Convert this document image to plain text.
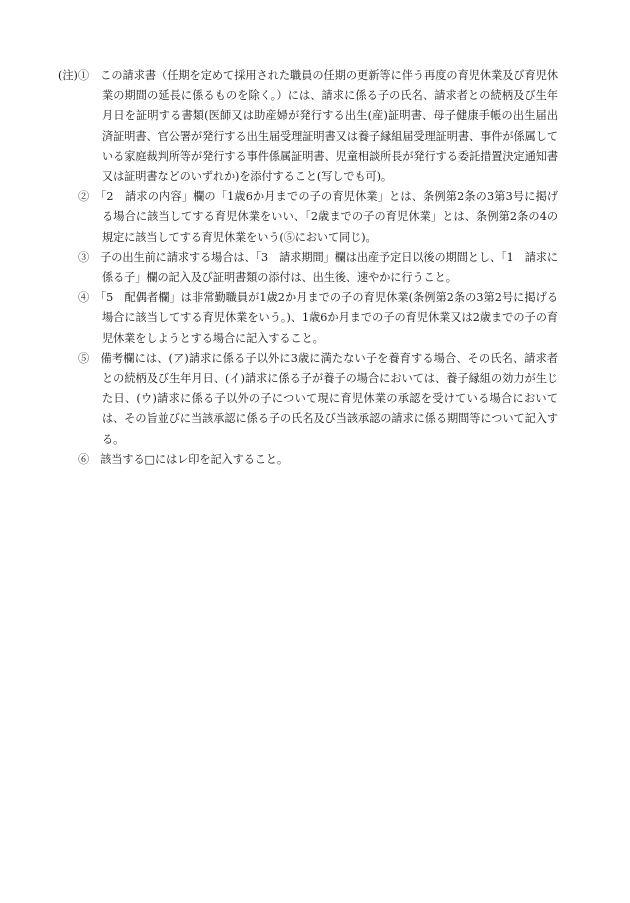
(注)①　この請求書（任期を定めて採用された職員の任期の更新等に伴う再度の育児休業及び育児休業の期間の延長に係るものを除く。）には、請求に係る子の氏名、請求者との続柄及び生年月日を証明する書類(医師又は助産婦が発行する出生(産)証明書、母子健康手帳の出生届出済証明書、官公署が発行する出生届受理証明書又は養子縁組届受理証明書、事件が係属している家庭裁判所等が発行する事件係属証明書、児童相談所長が発行する委託措置決定通知書又は証明書などのいずれか)を添付すること(写しでも可)。

②　「2　請求の内容」欄の「1歳6か月までの子の育児休業」とは、条例第2条の3第3号に掲げる場合に該当してする育児休業をいい、「2歳までの子の育児休業」とは、条例第2条の4の規定に該当してする育児休業をいう(⑤において同じ)。

③　子の出生前に請求する場合は、「3　請求期間」欄は出産予定日以後の期間とし、「1　請求に係る子」欄の記入及び証明書類の添付は、出生後、速やかに行うこと。

④　「5　配偶者欄」は非常勤職員が1歳2か月までの子の育児休業(条例第2条の3第2号に掲げる場合に該当してする育児休業をいう。)、1歳6か月までの子の育児休業又は2歳までの子の育児休業をしようとする場合に記入すること。

⑤　備考欄には、(ア)請求に係る子以外に3歳に満たない子を養育する場合、その氏名、請求者との続柄及び生年月日、(イ)請求に係る子が養子の場合においては、養子縁組の効力が生じた日、(ウ)請求に係る子以外の子について現に育児休業の承認を受けている場合においては、その旨並びに当該承認に係る子の氏名及び当該承認の請求に係る期間等について記入する。

⑥　該当する□にはレ印を記入すること。
